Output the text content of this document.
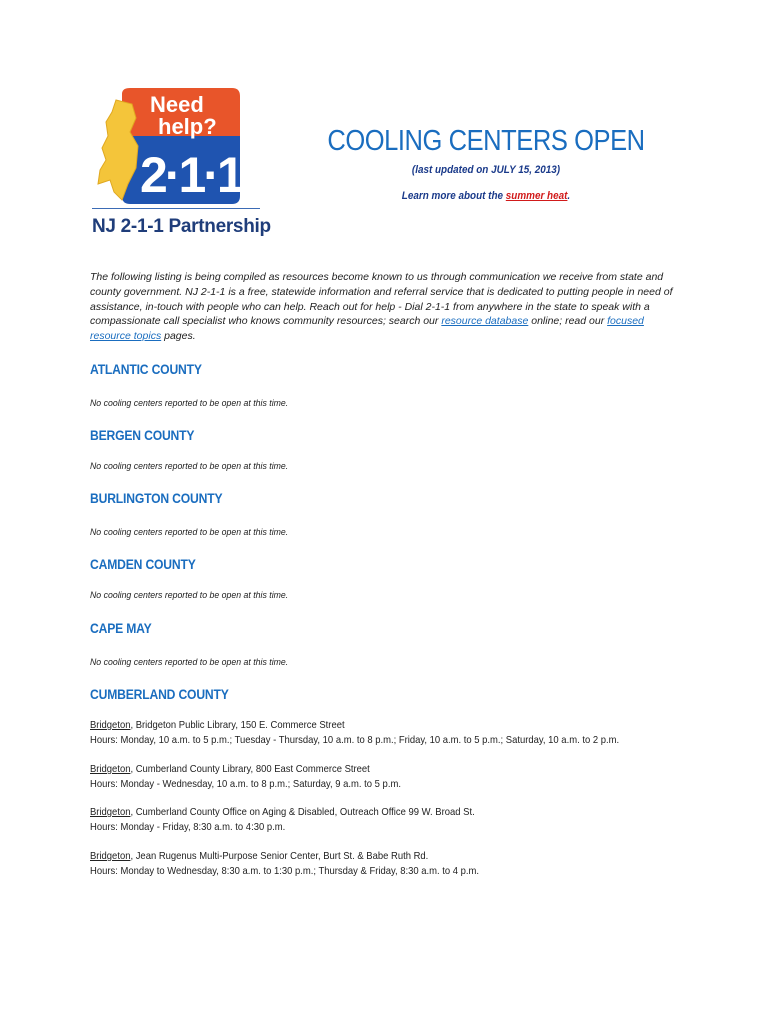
Need
help?
2·1·1
NJ 2-1-1 Partnership
COOLING CENTERS OPEN
(last updated on JULY 15, 2013)
Learn more about the summer heat.

The following listing is being compiled as resources become known to us through communication we receive from state and county government. NJ 2-1-1 is a free, statewide information and referral service that is dedicated to putting people in need of assistance, in-touch with people who can help. Reach out for help - Dial 2-1-1 from anywhere in the state to speak with a compassionate call specialist who knows community resources; search our resource database online; read our focused resource topics pages.

ATLANTIC COUNTY
No cooling centers reported to be open at this time.
BERGEN COUNTY
No cooling centers reported to be open at this time.
BURLINGTON COUNTY
No cooling centers reported to be open at this time.
CAMDEN COUNTY
No cooling centers reported to be open at this time.
CAPE MAY
No cooling centers reported to be open at this time.
CUMBERLAND COUNTY
Bridgeton, Bridgeton Public Library, 150 E. Commerce Street
Hours: Monday, 10 a.m. to 5 p.m.; Tuesday - Thursday, 10 a.m. to 8 p.m.; Friday, 10 a.m. to 5 p.m.; Saturday, 10 a.m. to 2 p.m.
Bridgeton, Cumberland County Library, 800 East Commerce Street
Hours: Monday - Wednesday, 10 a.m. to 8 p.m.; Saturday, 9 a.m. to 5 p.m.
Bridgeton, Cumberland County Office on Aging & Disabled, Outreach Office 99 W. Broad St.
Hours: Monday - Friday, 8:30 a.m. to 4:30 p.m.
Bridgeton, Jean Rugenus Multi-Purpose Senior Center, Burt St. & Babe Ruth Rd.
Hours: Monday to Wednesday, 8:30 a.m. to 1:30 p.m.; Thursday & Friday, 8:30 a.m. to 4 p.m.
